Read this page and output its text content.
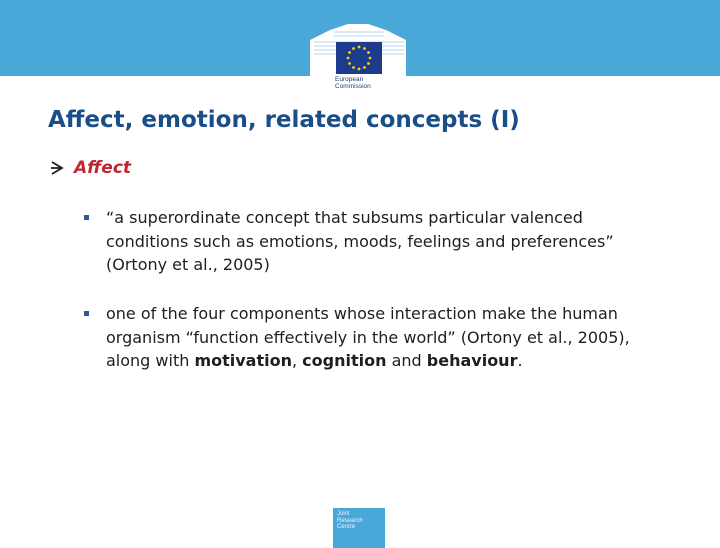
European
Commission
Affect, emotion, related concepts (I)
Affect
“a superordinate concept that subsums particular valenced conditions such as emotions, moods, feelings and preferences” (Ortony et al., 2005)
one of the four components whose interaction make the human organism “function effectively in the world” (Ortony et al., 2005), along with motivation, cognition and behaviour.
Joint
Research
Centre
